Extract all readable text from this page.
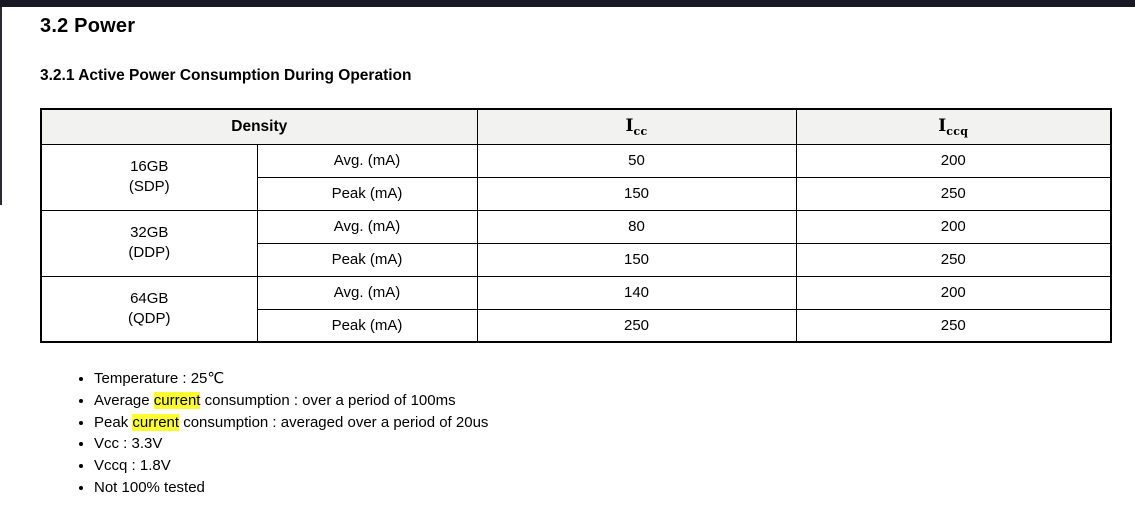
3.2 Power
3.2.1 Active Power Consumption During Operation
Density		$I_{cc}$	$I_{ccq}$
16GB
(SDP)	Avg. (mA)	50	200
	Peak (mA)	150	250
32GB
(DDP)	Avg. (mA)	80	200
	Peak (mA)	150	250
64GB
(QDP)	Avg. (mA)	140	200
	Peak (mA)	250	250
• Temperature : 25℃
• Average current consumption : over a period of 100ms
• Peak current consumption : averaged over a period of 20us
• Vcc : 3.3V
• Vccq : 1.8V
• Not 100% tested
